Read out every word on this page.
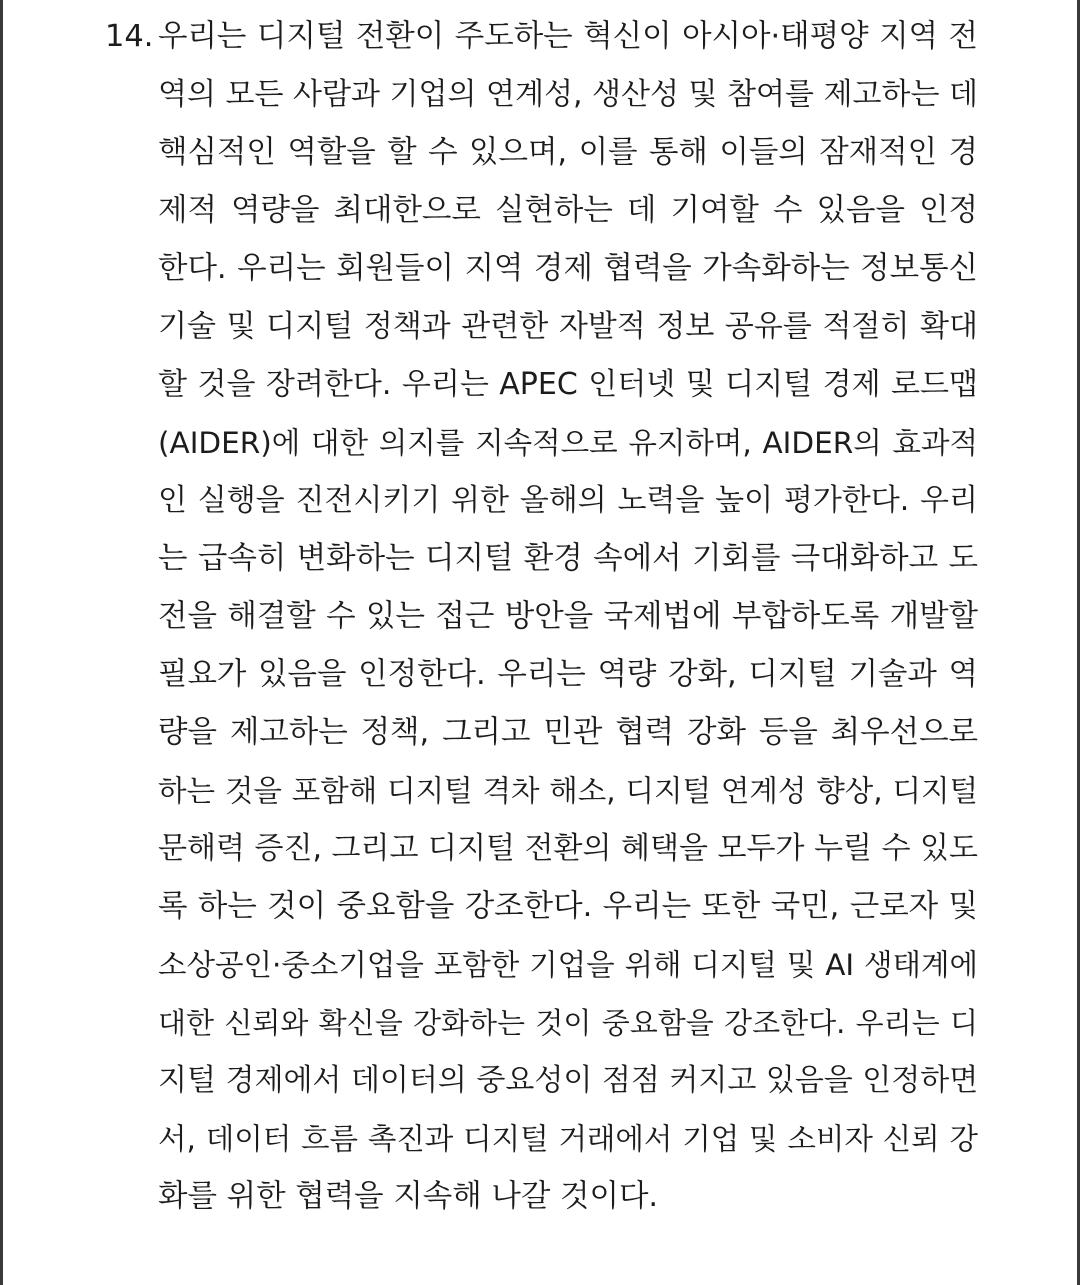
14. 우리는 디지털 전환이 주도하는 혁신이 아시아·태평양 지역 전
역의 모든 사람과 기업의 연계성, 생산성 및 참여를 제고하는 데
핵심적인 역할을 할 수 있으며, 이를 통해 이들의 잠재적인 경
제적 역량을 최대한으로 실현하는 데 기여할 수 있음을 인정
한다. 우리는 회원들이 지역 경제 협력을 가속화하는 정보통신
기술 및 디지털 정책과 관련한 자발적 정보 공유를 적절히 확대
할 것을 장려한다. 우리는 APEC 인터넷 및 디지털 경제 로드맵
(AIDER)에 대한 의지를 지속적으로 유지하며, AIDER의 효과적
인 실행을 진전시키기 위한 올해의 노력을 높이 평가한다. 우리
는 급속히 변화하는 디지털 환경 속에서 기회를 극대화하고 도
전을 해결할 수 있는 접근 방안을 국제법에 부합하도록 개발할
필요가 있음을 인정한다. 우리는 역량 강화, 디지털 기술과 역
량을 제고하는 정책, 그리고 민관 협력 강화 등을 최우선으로
하는 것을 포함해 디지털 격차 해소, 디지털 연계성 향상, 디지털
문해력 증진, 그리고 디지털 전환의 혜택을 모두가 누릴 수 있도
록 하는 것이 중요함을 강조한다. 우리는 또한 국민, 근로자 및
소상공인·중소기업을 포함한 기업을 위해 디지털 및 AI 생태계에
대한 신뢰와 확신을 강화하는 것이 중요함을 강조한다. 우리는 디
지털 경제에서 데이터의 중요성이 점점 커지고 있음을 인정하면
서, 데이터 흐름 촉진과 디지털 거래에서 기업 및 소비자 신뢰 강
화를 위한 협력을 지속해 나갈 것이다.
